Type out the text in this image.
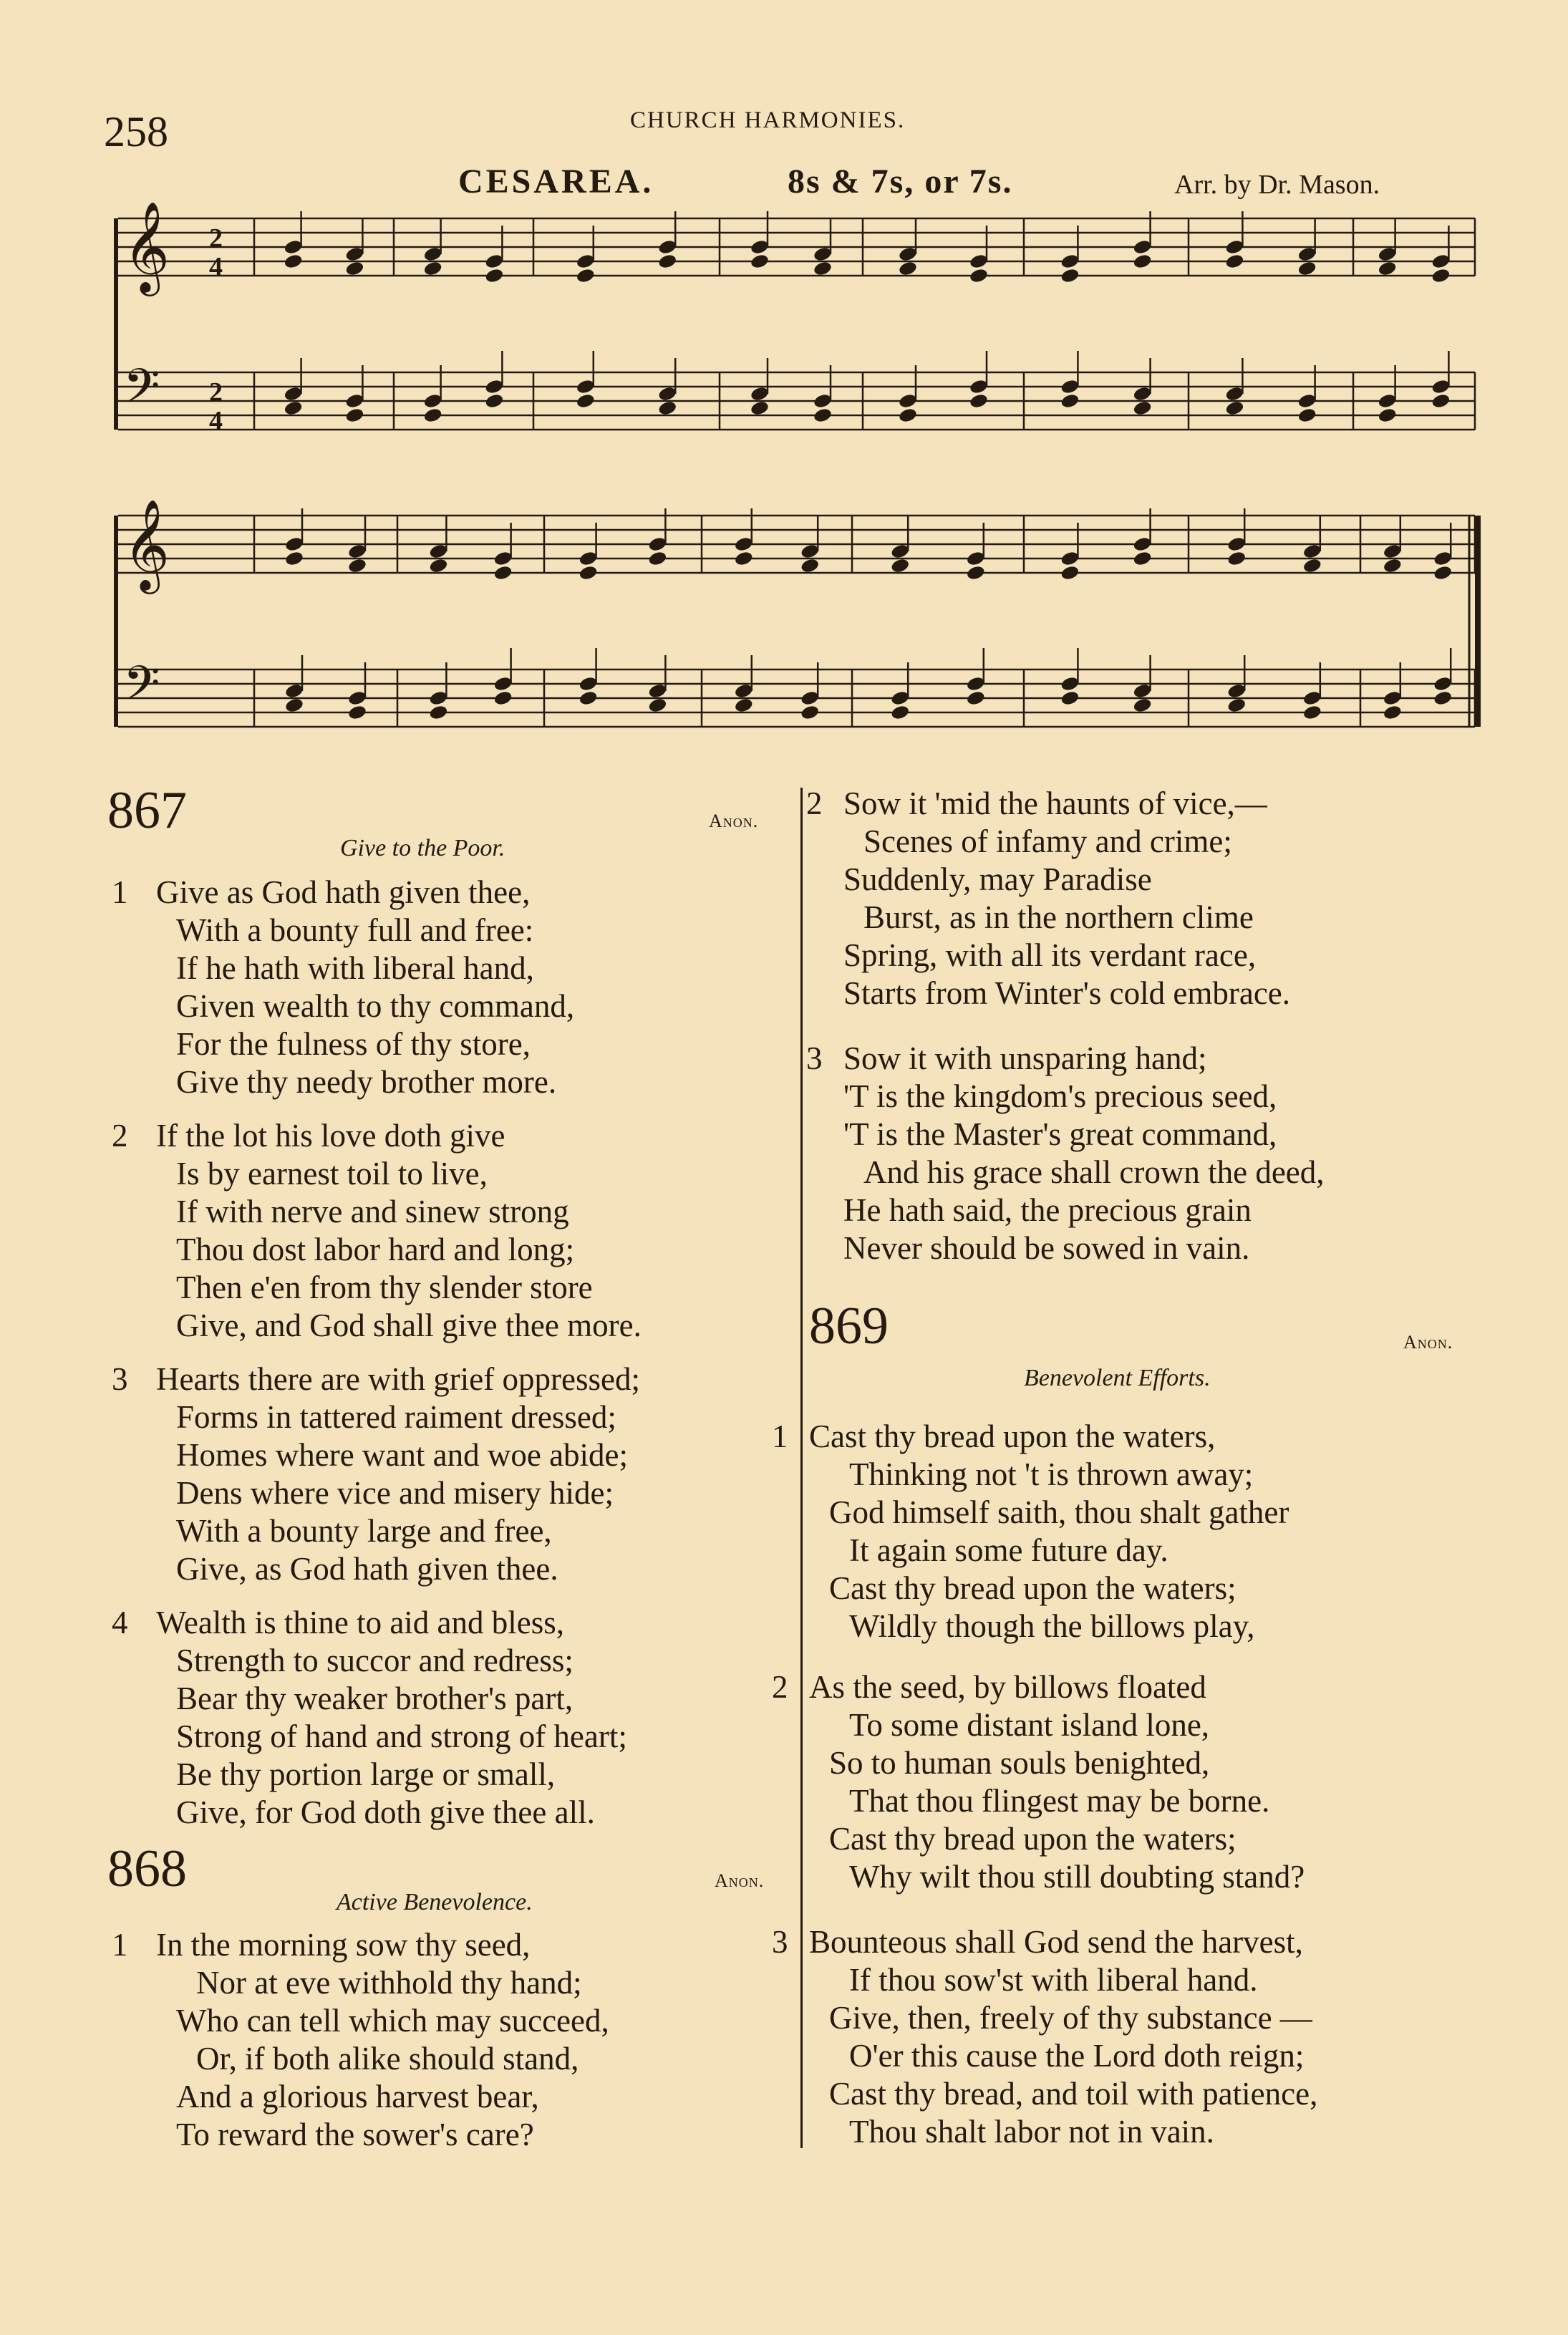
258	CHURCH HARMONIES.
CESAREA.	8s & 7s, or 7s.	Arr. by Dr. Mason.
𝄞
𝄞
𝄢
𝄢
2
4
2
4
867	Anon.
Give to the Poor.
1 Give as God hath given thee,
With a bounty full and free:
If he hath with liberal hand,
Given wealth to thy command,
For the fulness of thy store,
Give thy needy brother more.
2 If the lot his love doth give
Is by earnest toil to live,
If with nerve and sinew strong
Thou dost labor hard and long;
Then e'en from thy slender store
Give, and God shall give thee more.
3 Hearts there are with grief oppressed;
Forms in tattered raiment dressed;
Homes where want and woe abide;
Dens where vice and misery hide;
With a bounty large and free,
Give, as God hath given thee.
4 Wealth is thine to aid and bless,
Strength to succor and redress;
Bear thy weaker brother's part,
Strong of hand and strong of heart;
Be thy portion large or small,
Give, for God doth give thee all.
868	Anon.
Active Benevolence.
1 In the morning sow thy seed,
Nor at eve withhold thy hand;
Who can tell which may succeed,
Or, if both alike should stand,
And a glorious harvest bear,
To reward the sower's care?
2 Sow it 'mid the haunts of vice,—
Scenes of infamy and crime;
Suddenly, may Paradise
Burst, as in the northern clime
Spring, with all its verdant race,
Starts from Winter's cold embrace.
3 Sow it with unsparing hand;
'T is the kingdom's precious seed,
'T is the Master's great command,
And his grace shall crown the deed,
He hath said, the precious grain
Never should be sowed in vain.
869	Anon.
Benevolent Efforts.
1 Cast thy bread upon the waters,
Thinking not 't is thrown away;
God himself saith, thou shalt gather
It again some future day.
Cast thy bread upon the waters;
Wildly though the billows play,
2 As the seed, by billows floated
To some distant island lone,
So to human souls benighted,
That thou flingest may be borne.
Cast thy bread upon the waters;
Why wilt thou still doubting stand?
3 Bounteous shall God send the harvest,
If thou sow'st with liberal hand.
Give, then, freely of thy substance —
O'er this cause the Lord doth reign;
Cast thy bread, and toil with patience,
Thou shalt labor not in vain.
